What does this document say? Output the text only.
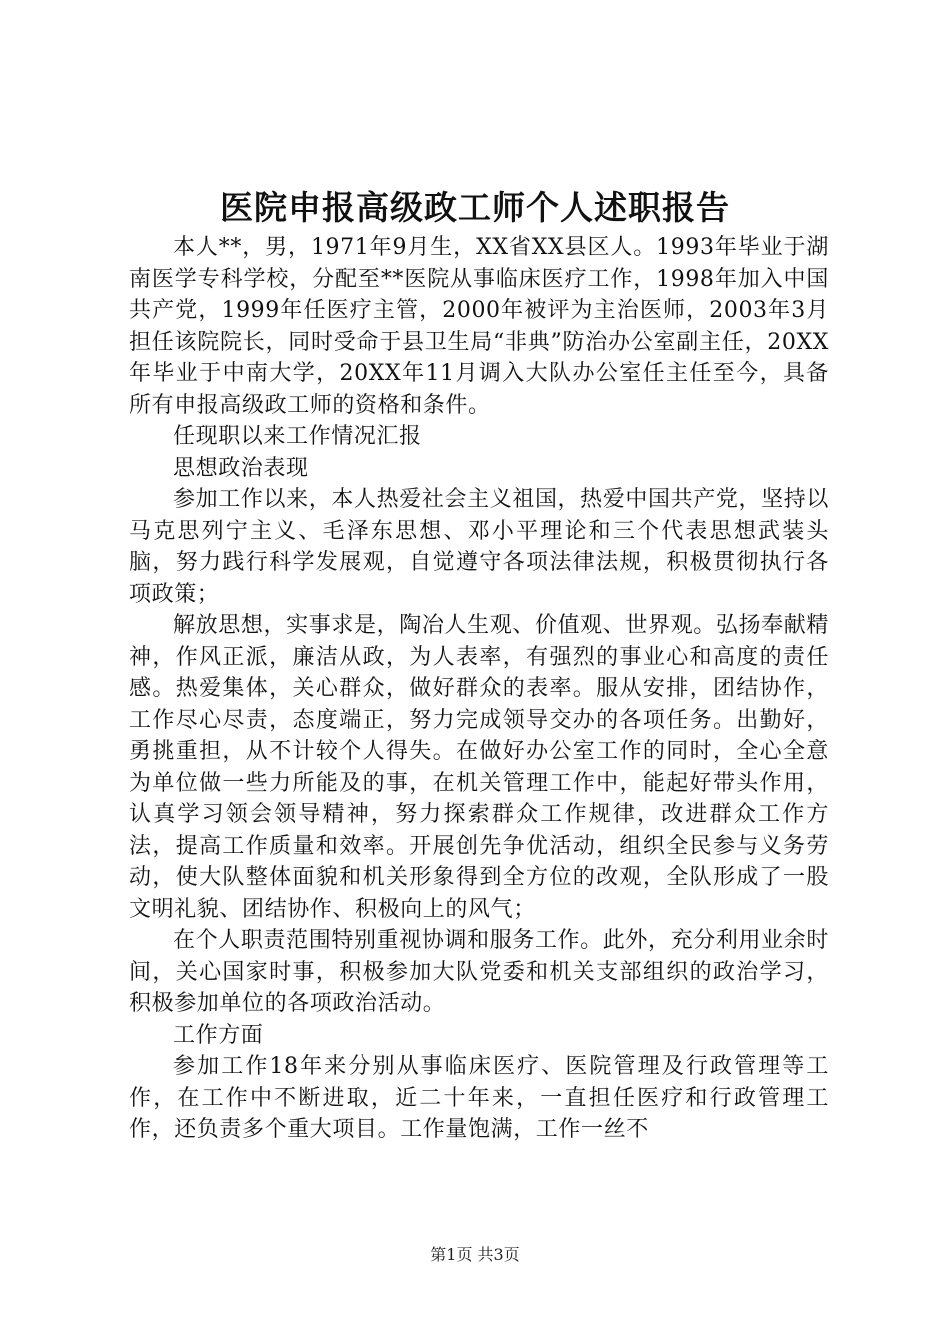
医院申报高级政工师个人述职报告

本人**，男，1971年9月生，XX省XX县区人。1993年毕业于湖南医学专科学校，分配至**医院从事临床医疗工作，1998年加入中国共产党，1999年任医疗主管，2000年被评为主治医师，2003年3月担任该院院长，同时受命于县卫生局“非典”防治办公室副主任，20XX年毕业于中南大学，20XX年11月调入大队办公室任主任至今，具备所有申报高级政工师的资格和条件。

任现职以来工作情况汇报

思想政治表现

参加工作以来，本人热爱社会主义祖国，热爱中国共产党，坚持以马克思列宁主义、毛泽东思想、邓小平理论和三个代表思想武装头脑，努力践行科学发展观，自觉遵守各项法律法规，积极贯彻执行各项政策；

解放思想，实事求是，陶冶人生观、价值观、世界观。弘扬奉献精神，作风正派，廉洁从政，为人表率，有强烈的事业心和高度的责任感。热爱集体，关心群众，做好群众的表率。服从安排，团结协作，工作尽心尽责，态度端正，努力完成领导交办的各项任务。出勤好，勇挑重担，从不计较个人得失。在做好办公室工作的同时，全心全意为单位做一些力所能及的事，在机关管理工作中，能起好带头作用，认真学习领会领导精神，努力探索群众工作规律，改进群众工作方法，提高工作质量和效率。开展创先争优活动，组织全民参与义务劳动，使大队整体面貌和机关形象得到全方位的改观，全队形成了一股文明礼貌、团结协作、积极向上的风气；

在个人职责范围特别重视协调和服务工作。此外，充分利用业余时间，关心国家时事，积极参加大队党委和机关支部组织的政治学习，积极参加单位的各项政治活动。

工作方面

参加工作18年来分别从事临床医疗、医院管理及行政管理等工作，在工作中不断进取，近二十年来，一直担任医疗和行政管理工作，还负责多个重大项目。工作量饱满，工作一丝不

第1页 共3页
